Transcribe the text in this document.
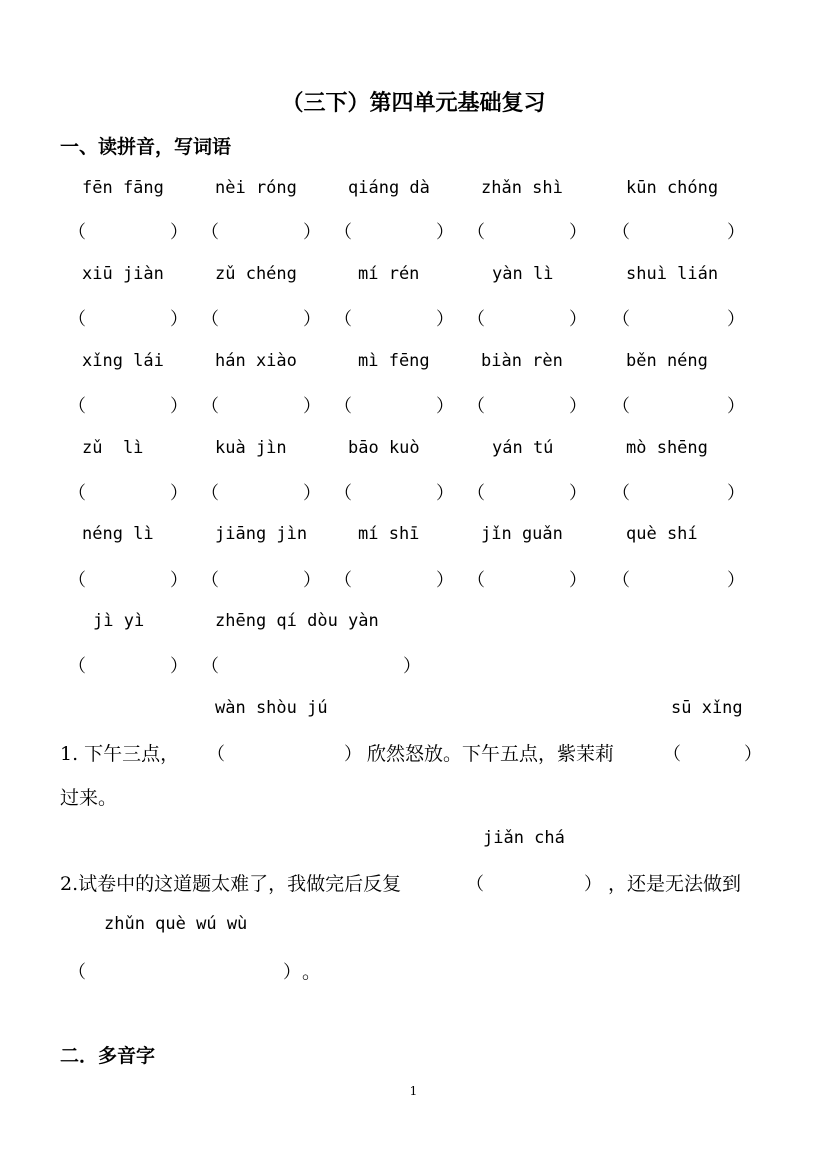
（三下）第四单元基础复习
一、读拼音，写词语
fēn fāng	nèi róng	qiáng dà	zhǎn shì	kūn chóng
（	） （	） （	） （	） （	）
xiū jiàn	zǔ chéng	mí rén	yàn lì	shuì lián
（	） （	） （	） （	） （	）
xǐng lái	hán xiào	mì fēng	biàn rèn	běn néng
（	） （	） （	） （	） （	）
zǔ  lì	kuà jìn	bāo kuò	yán tú	mò shēng
（	） （	） （	） （	） （	）
néng lì	jiāng jìn	mí shī	jǐn guǎn	què shí
（	） （	） （	） （	） （	）
jì yì	zhēng qí dòu yàn
（	） （	）
wàn shòu jú	sū xǐng
1. 下午三点， （	） 欣然怒放。下午五点，紫茉莉	（	）
过来。
jiǎn chá
2.试卷中的这道题太难了，我做完后反复	（	） ，还是无法做到
zhǔn què wú wù
（	） 。
二．多音字
1
